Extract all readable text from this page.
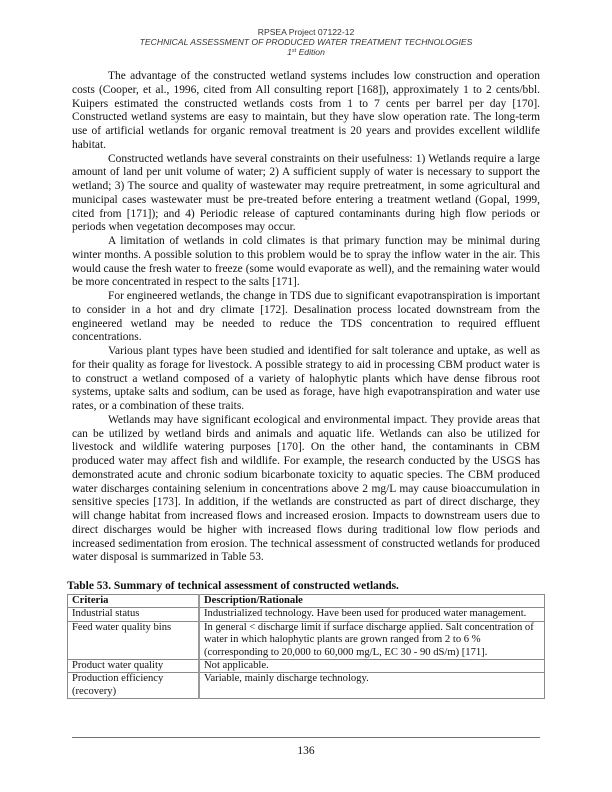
RPSEA Project 07122-12
TECHNICAL ASSESSMENT OF PRODUCED WATER TREATMENT TECHNOLOGIES
1st Edition

The advantage of the constructed wetland systems includes low construction and operation costs (Cooper, et al., 1996, cited from All consulting report [168]), approximately 1 to 2 cents/bbl. Kuipers estimated the constructed wetlands costs from 1 to 7 cents per barrel per day [170]. Constructed wetland systems are easy to maintain, but they have slow operation rate. The long-term use of artificial wetlands for organic removal treatment is 20 years and provides excellent wildlife habitat.

Constructed wetlands have several constraints on their usefulness: 1) Wetlands require a large amount of land per unit volume of water; 2) A sufficient supply of water is necessary to support the wetland; 3) The source and quality of wastewater may require pretreatment, in some agricultural and municipal cases wastewater must be pre-treated before entering a treatment wetland (Gopal, 1999, cited from [171]); and 4) Periodic release of captured contaminants during high flow periods or periods when vegetation decomposes may occur.

A limitation of wetlands in cold climates is that primary function may be minimal during winter months. A possible solution to this problem would be to spray the inflow water in the air. This would cause the fresh water to freeze (some would evaporate as well), and the remaining water would be more concentrated in respect to the salts [171].

For engineered wetlands, the change in TDS due to significant evapotranspiration is important to consider in a hot and dry climate [172]. Desalination process located downstream from the engineered wetland may be needed to reduce the TDS concentration to required effluent concentrations.

Various plant types have been studied and identified for salt tolerance and uptake, as well as for their quality as forage for livestock. A possible strategy to aid in processing CBM product water is to construct a wetland composed of a variety of halophytic plants which have dense fibrous root systems, uptake salts and sodium, can be used as forage, have high evapotranspiration and water use rates, or a combination of these traits.

Wetlands may have significant ecological and environmental impact. They provide areas that can be utilized by wetland birds and animals and aquatic life. Wetlands can also be utilized for livestock and wildlife watering purposes [170]. On the other hand, the contaminants in CBM produced water may affect fish and wildlife. For example, the research conducted by the USGS has demonstrated acute and chronic sodium bicarbonate toxicity to aquatic species. The CBM produced water discharges containing selenium in concentrations above 2 mg/L may cause bioaccumulation in sensitive species [173]. In addition, if the wetlands are constructed as part of direct discharge, they will change habitat from increased flows and increased erosion. Impacts to downstream users due to direct discharges would be higher with increased flows during traditional low flow periods and increased sedimentation from erosion. The technical assessment of constructed wetlands for produced water disposal is summarized in Table 53.

Table 53. Summary of technical assessment of constructed wetlands.
Criteria	Description/Rationale
Industrial status	Industrialized technology. Have been used for produced water management.
Feed water quality bins	In general < discharge limit if surface discharge applied. Salt concentration of water in which halophytic plants are grown ranged from 2 to 6 % (corresponding to 20,000 to 60,000 mg/L, EC 30 - 90 dS/m) [171].
Product water quality	Not applicable.
Production efficiency (recovery)	Variable, mainly discharge technology.
136
